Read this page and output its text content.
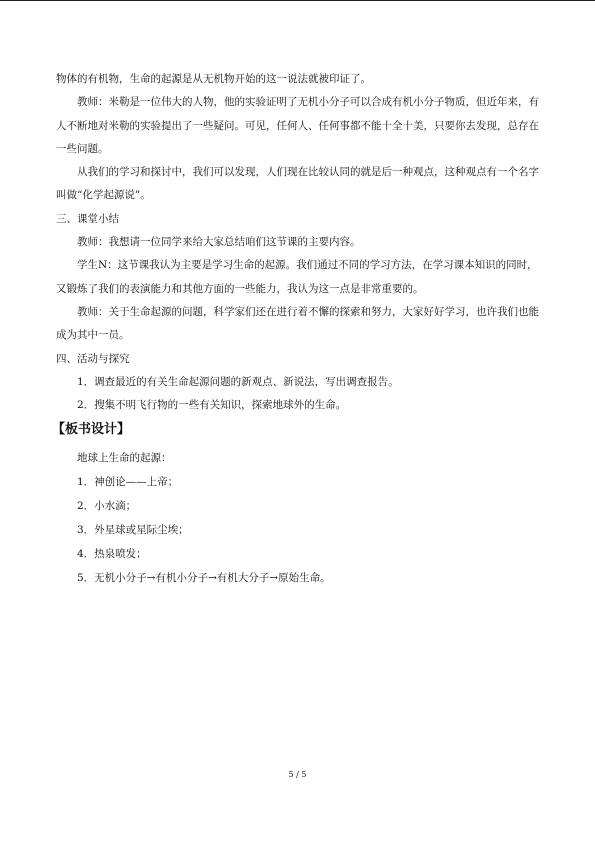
物体的有机物，生命的起源是从无机物开始的这一说法就被印证了。

教师：米勒是一位伟大的人物，他的实验证明了无机小分子可以合成有机小分子物质，但近年来，有人不断地对米勒的实验提出了一些疑问。可见，任何人、任何事都不能十全十美，只要你去发现，总存在一些问题。

从我们的学习和探讨中，我们可以发现，人们现在比较认同的就是后一种观点，这种观点有一个名字叫做“化学起源说”。

三、课堂小结

教师：我想请一位同学来给大家总结咱们这节课的主要内容。

学生N：这节课我认为主要是学习生命的起源。我们通过不同的学习方法，在学习课本知识的同时，又锻炼了我们的表演能力和其他方面的一些能力，我认为这一点是非常重要的。

教师：关于生命起源的问题，科学家们还在进行着不懈的探索和努力，大家好好学习，也许我们也能成为其中一员。

四、活动与探究

1．调查最近的有关生命起源问题的新观点、新说法，写出调查报告。

2．搜集不明飞行物的一些有关知识，探索地球外的生命。

【板书设计】

地球上生命的起源：

1．神创论——上帝；

2．小水滴；

3．外星球或星际尘埃；

4．热泉喷发；

5．无机小分子→有机小分子→有机大分子→原始生命。

5 / 5
